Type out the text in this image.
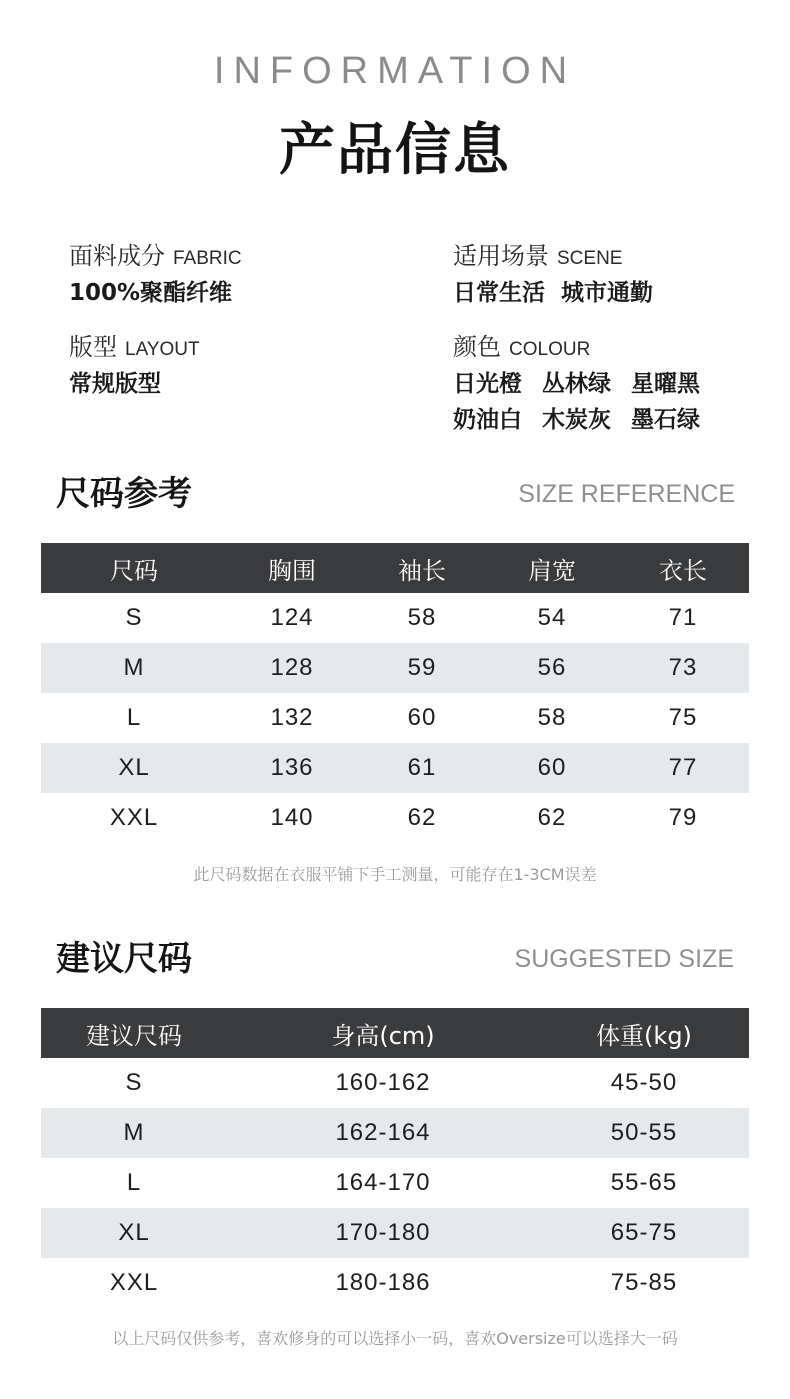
INFORMATION
产品信息
面料成分 FABRIC
100%聚酯纤维
适用场景 SCENE
日常生活  城市通勤
版型 LAYOUT
常规版型
颜色 COLOUR
日光橙 丛林绿 星曜黑
奶油白 木炭灰 墨石绿
尺码参考	SIZE REFERENCE
尺码	胸围	袖长	肩宽	衣长
S	124	58	54	71
M	128	59	56	73
L	132	60	58	75
XL	136	61	60	77
XXL	140	62	62	79
此尺码数据在衣服平铺下手工测量，可能存在1-3CM误差
建议尺码	SUGGESTED SIZE
建议尺码	身高(cm)	体重(kg)
S	160-162	45-50
M	162-164	50-55
L	164-170	55-65
XL	170-180	65-75
XXL	180-186	75-85
以上尺码仅供参考，喜欢修身的可以选择小一码，喜欢Oversize可以选择大一码
